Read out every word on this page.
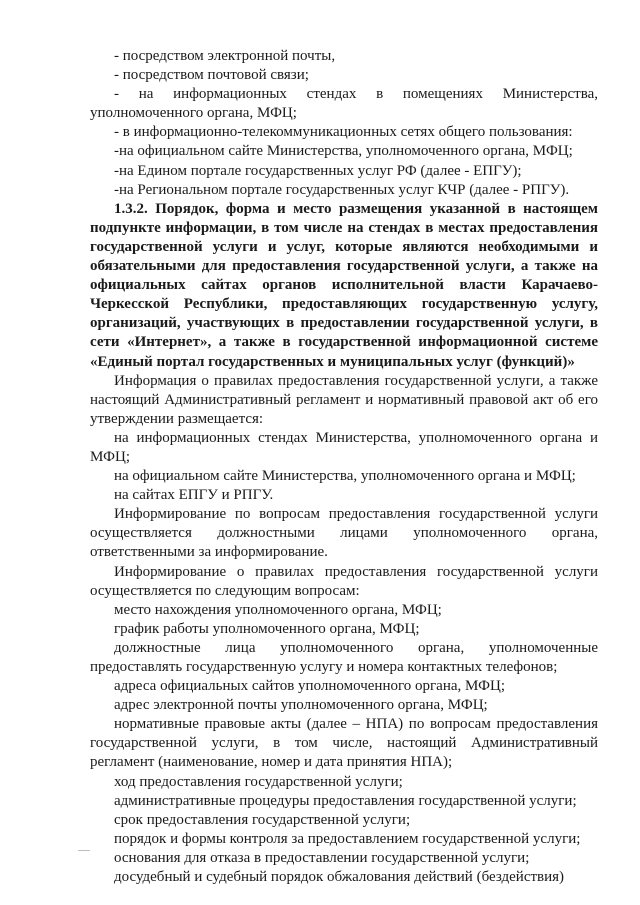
- посредством электронной почты,

- посредством почтовой связи;

- на информационных стендах в помещениях Министерства, уполномоченного органа, МФЦ;

- в информационно-телекоммуникационных сетях общего пользования:

-на официальном сайте Министерства, уполномоченного органа, МФЦ;

-на Едином портале государственных услуг РФ (далее - ЕПГУ);

-на Региональном портале государственных услуг КЧР (далее - РПГУ).

1.3.2. Порядок, форма и место размещения указанной в настоящем подпункте информации, в том числе на стендах в местах предоставления государственной услуги и услуг, которые являются необходимыми и обязательными для предоставления государственной услуги, а также на официальных сайтах органов исполнительной власти Карачаево-Черкесской Республики, предоставляющих государственную услугу, организаций, участвующих в предоставлении государственной услуги, в сети «Интернет», а также в государственной информационной системе «Единый портал государственных и муниципальных услуг (функций)»

Информация о правилах предоставления государственной услуги, а также настоящий Административный регламент и нормативный правовой акт об его утверждении размещается:

на информационных стендах Министерства, уполномоченного органа и МФЦ;

на официальном сайте Министерства, уполномоченного органа и МФЦ;

на сайтах ЕПГУ и РПГУ.

Информирование по вопросам предоставления государственной услуги осуществляется должностными лицами уполномоченного органа, ответственными за информирование.

Информирование о правилах предоставления государственной услуги осуществляется по следующим вопросам:

место нахождения уполномоченного органа, МФЦ;

график работы уполномоченного органа, МФЦ;

должностные лица уполномоченного органа, уполномоченные предоставлять государственную услугу и номера контактных телефонов;

адреса официальных сайтов уполномоченного органа, МФЦ;

адрес электронной почты уполномоченного органа, МФЦ;

нормативные правовые акты (далее – НПА) по вопросам предоставления государственной услуги, в том числе, настоящий Административный регламент (наименование, номер и дата принятия НПА);

ход предоставления государственной услуги;

административные процедуры предоставления государственной услуги;

срок предоставления государственной услуги;

порядок и формы контроля за предоставлением государственной услуги;

основания для отказа в предоставлении государственной услуги;

досудебный и судебный порядок обжалования действий (бездействия)
